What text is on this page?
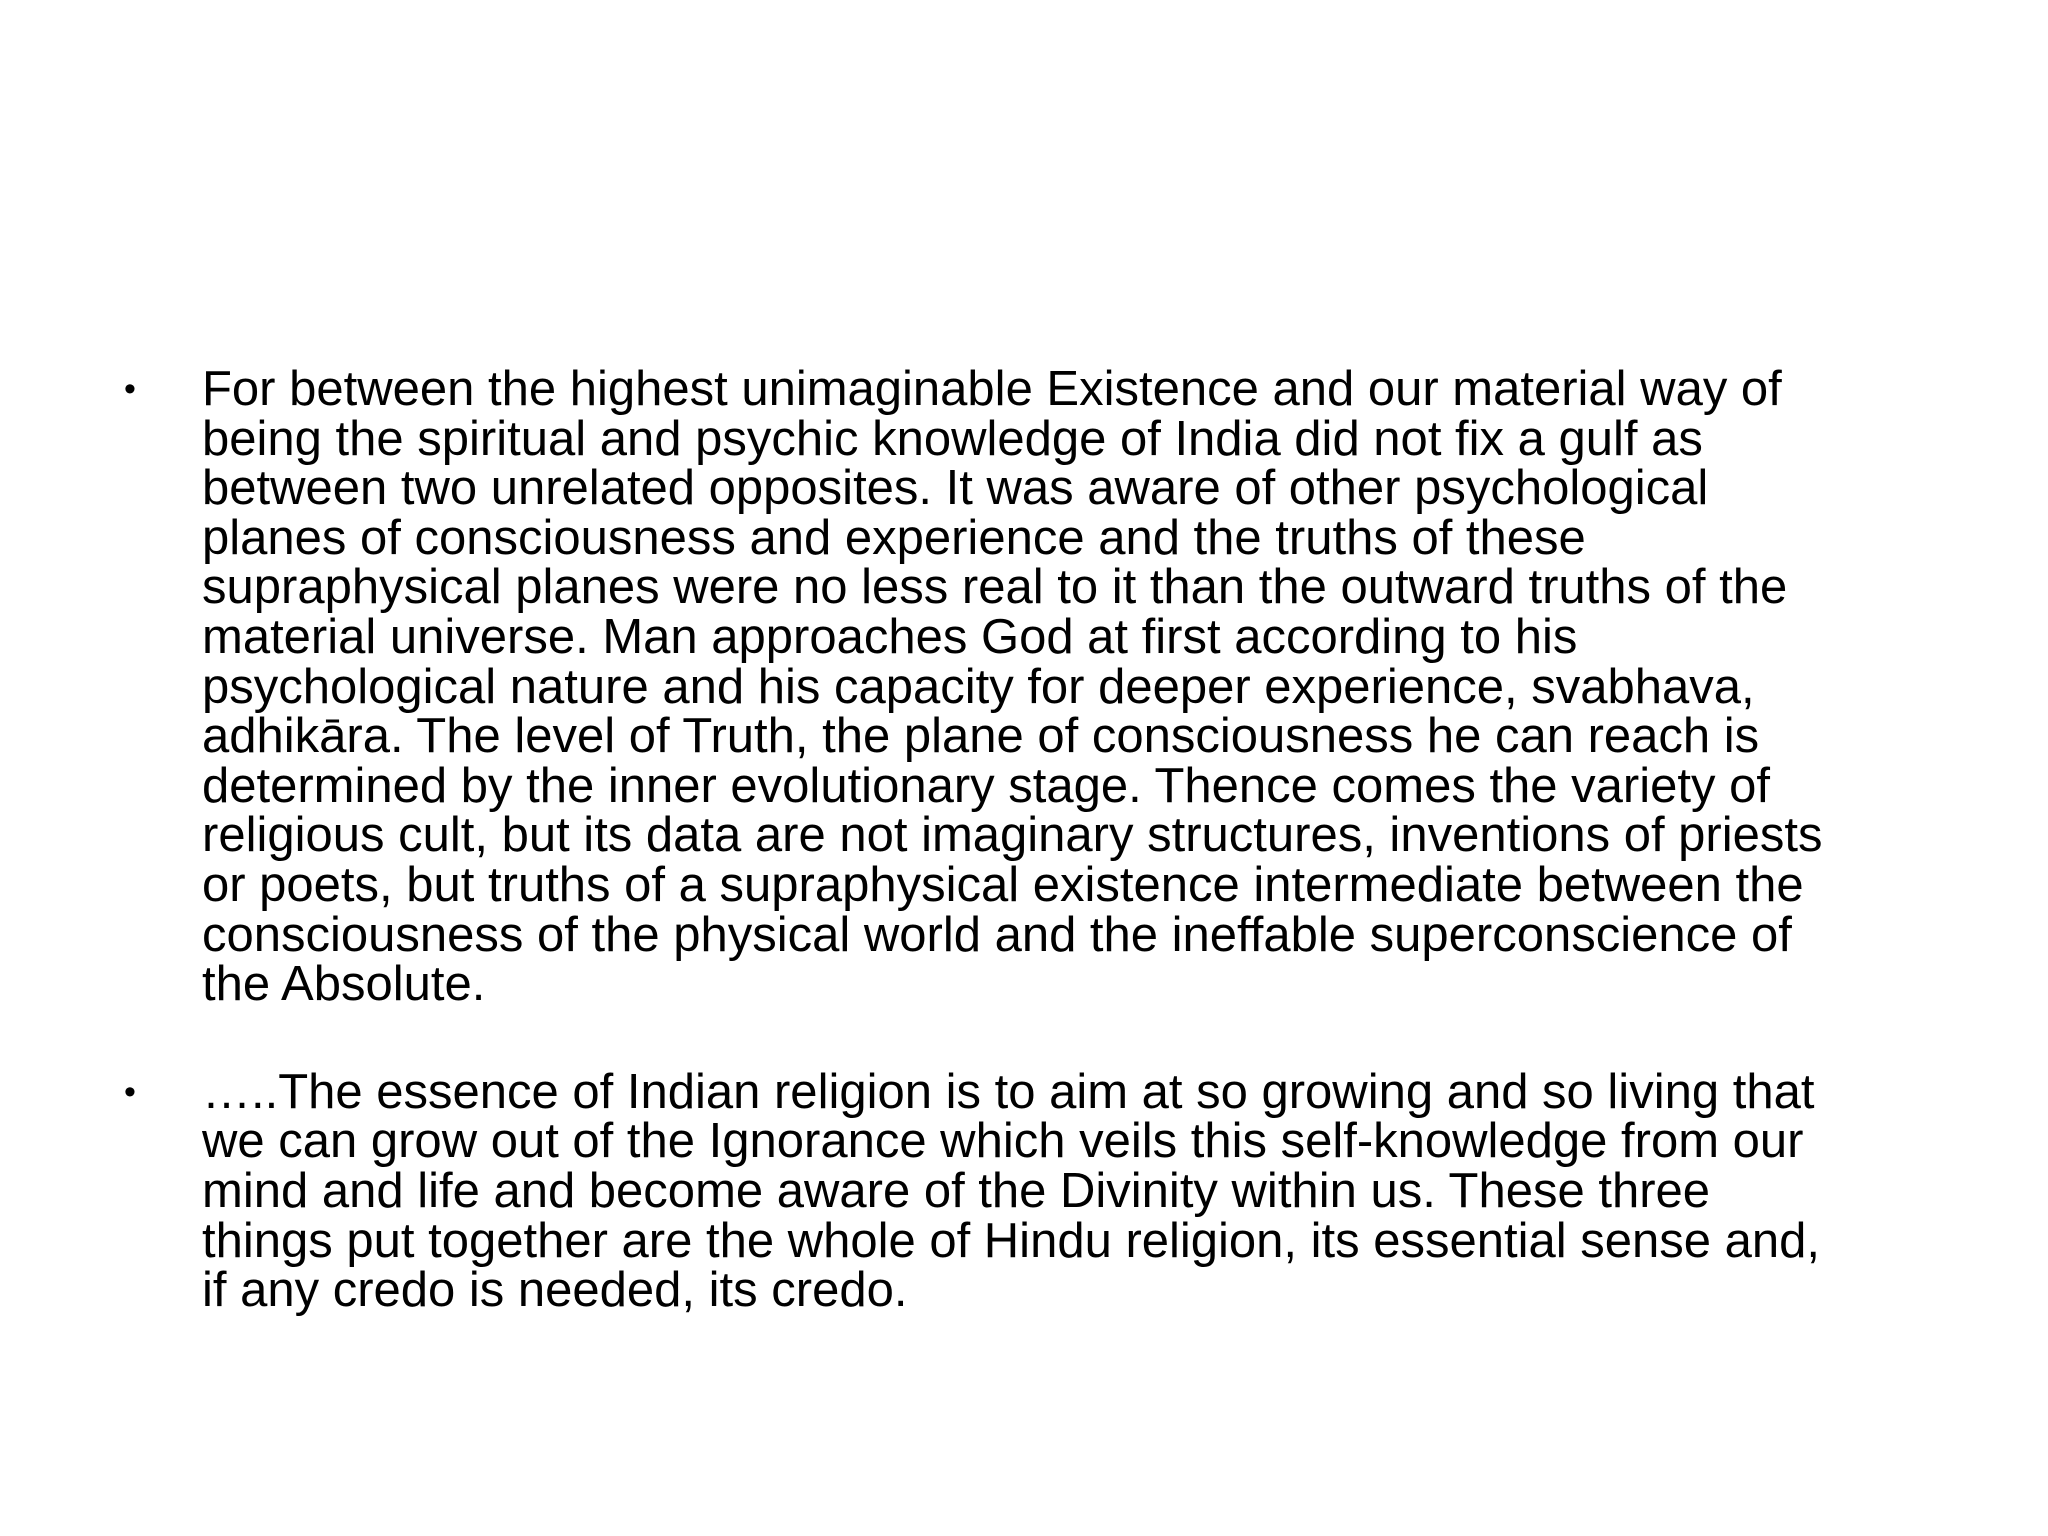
• For between the highest unimaginable Existence and our material way of
being the spiritual and psychic knowledge of India did not fix a gulf as
between two unrelated opposites. It was aware of other psychological
planes of consciousness and experience and the truths of these
supraphysical planes were no less real to it than the outward truths of the
material universe. Man approaches God at first according to his
psychological nature and his capacity for deeper experience, svabhava,
adhikāra. The level of Truth, the plane of consciousness he can reach is
determined by the inner evolutionary stage. Thence comes the variety of
religious cult, but its data are not imaginary structures, inventions of priests
or poets, but truths of a supraphysical existence intermediate between the
consciousness of the physical world and the ineffable superconscience of
the Absolute.
• …..The essence of Indian religion is to aim at so growing and so living that
we can grow out of the Ignorance which veils this self-knowledge from our
mind and life and become aware of the Divinity within us. These three
things put together are the whole of Hindu religion, its essential sense and,
if any credo is needed, its credo.
